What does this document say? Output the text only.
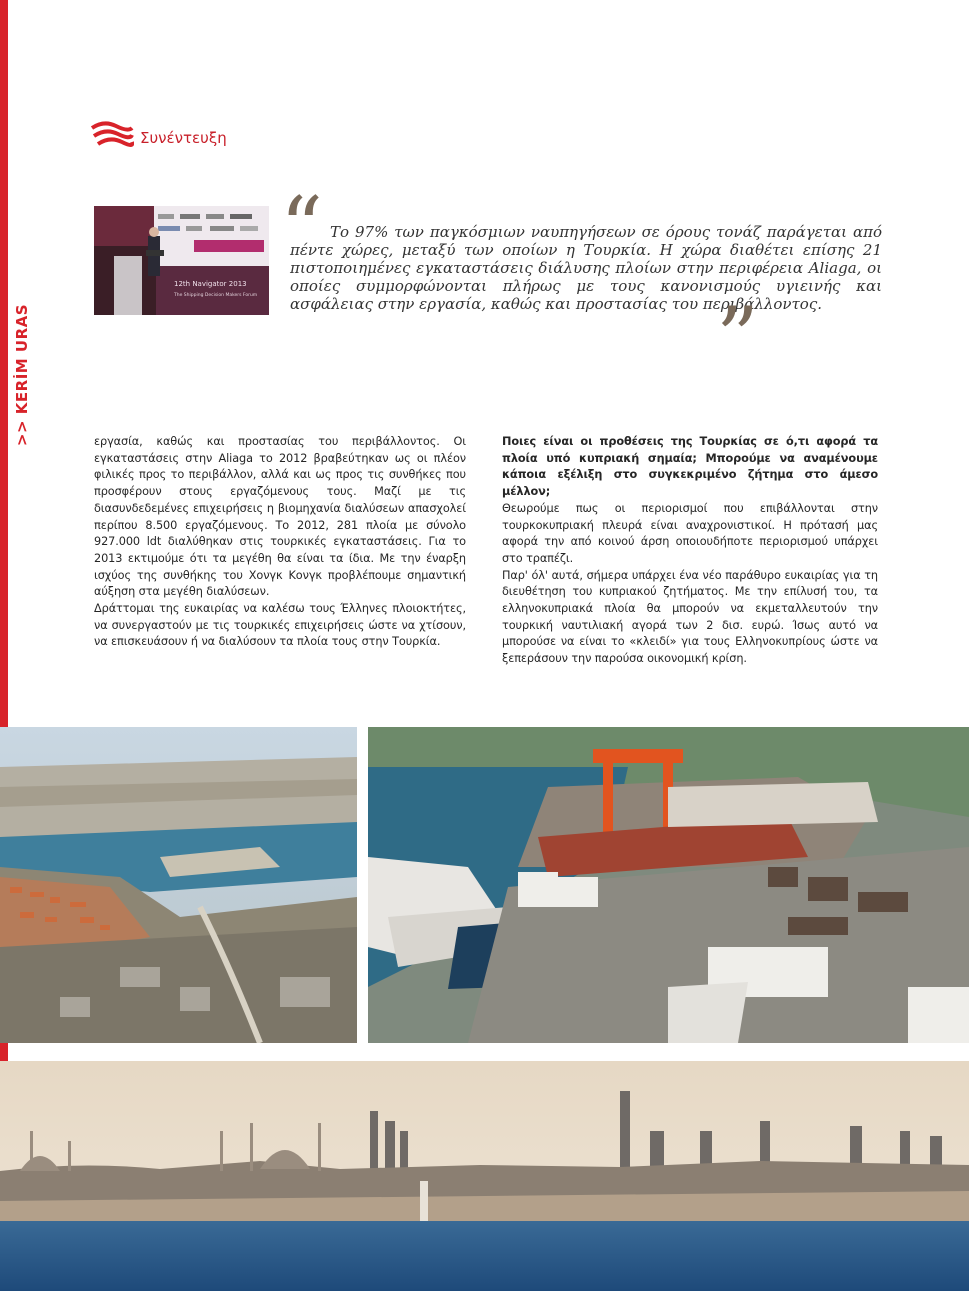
>> KERİM URAS
Συνέντευξη
12th Navigator 2013
The Shipping Decision Makers Forum
“ Το 97% των παγκόσμιων ναυπηγήσεων σε όρους τονάζ παράγεται από πέντε χώρες, μεταξύ των οποίων η Τουρκία. Η χώρα διαθέτει επίσης 21 πιστοποιημένες εγκαταστάσεις διάλυσης πλοίων στην περιφέρεια Aliaga, οι οποίες συμμορφώνονται πλήρως με τους κανονισμούς υγιεινής και ασφάλειας στην εργασία, καθώς και προστασίας του περιβάλλοντος.

”

εργασία, καθώς και προστασίας του περιβάλλοντος. Οι εγκαταστάσεις στην Aliaga το 2012 βραβεύτηκαν ως οι πλέον φιλικές προς το περιβάλλον, αλλά και ως προς τις συνθήκες που προσφέρουν στους εργαζόμενους τους. Μαζί με τις διασυνδεδεμένες επιχειρήσεις η βιομηχανία διαλύσεων απασχολεί περίπου 8.500 εργαζόμενους. Το 2012, 281 πλοία με σύνολο 927.000 ldt διαλύθηκαν στις τουρκικές εγκαταστάσεις. Για το 2013 εκτιμούμε ότι τα μεγέθη θα είναι τα ίδια. Με την έναρξη ισχύος της συνθήκης του Χονγκ Κονγκ προβλέπουμε σημαντική αύξηση στα μεγέθη διαλύσεων.

Δράττομαι της ευκαιρίας να καλέσω τους Έλληνες πλοιοκτήτες, να συνεργαστούν με τις τουρκικές επιχειρήσεις ώστε να χτίσουν, να επισκευάσουν ή να διαλύσουν τα πλοία τους στην Τουρκία.

Ποιες είναι οι προθέσεις της Τουρκίας σε ό,τι αφορά τα πλοία υπό κυπριακή σημαία; Μπορούμε να αναμένουμε κάποια εξέλιξη στο συγκεκριμένο ζήτημα στο άμεσο μέλλον;

Θεωρούμε πως οι περιορισμοί που επιβάλλονται στην τουρκοκυπριακή πλευρά είναι αναχρονιστικοί. Η πρότασή μας αφορά την από κοινού άρση οποιουδήποτε περιορισμού υπάρχει στο τραπέζι.

Παρ' όλ' αυτά, σήμερα υπάρχει ένα νέο παράθυρο ευκαιρίας για τη διευθέτηση του κυπριακού ζητήματος. Με την επίλυσή του, τα ελληνοκυπριακά πλοία θα μπορούν να εκμεταλλευτούν την τουρκική ναυτιλιακή αγορά των 2 δισ. ευρώ. Ίσως αυτό να μπορούσε να είναι το «κλειδί» για τους Ελληνοκυπρίους ώστε να ξεπεράσουν την παρούσα οικονομική κρίση.
